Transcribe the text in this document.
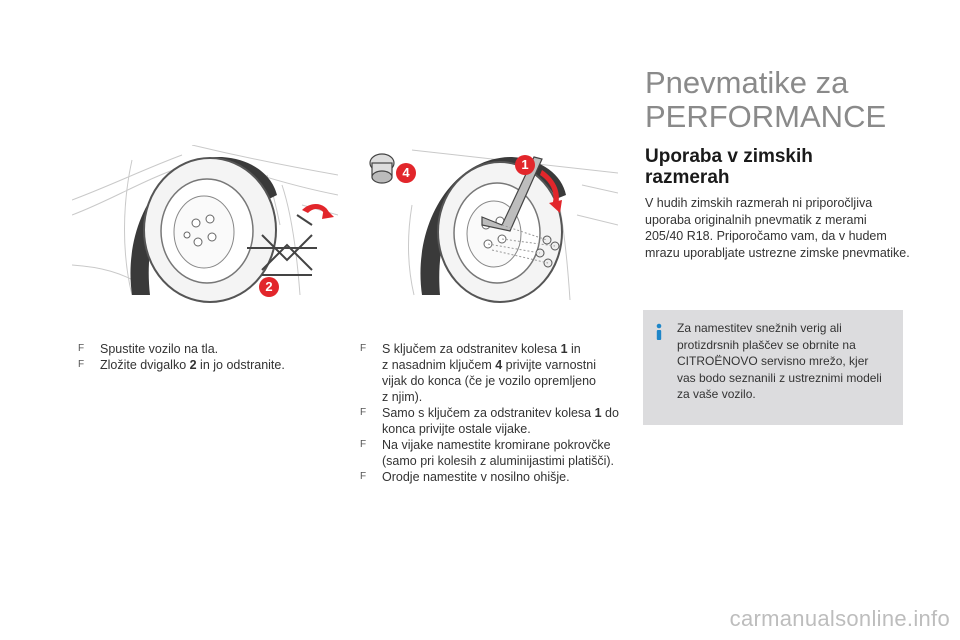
Pnevmatike za
PERFORMANCE
Uporaba v zimskih
razmerah
V hudih zimskih razmerah ni priporočljiva
uporaba originalnih pnevmatik z merami
205/40 R18. Priporočamo vam, da v hudem
mrazu uporabljate ustrezne zimske pnevmatike.
Za namestitev snežnih verig ali
protizdrsnih plaščev se obrnite na
CITROËNOVO servisno mrežo, kjer
vas bodo seznanili z ustreznimi modeli
za vaše vozilo.
2
1
4
F Spustite vozilo na tla.
F Zložite dvigalko 2 in jo odstranite.
F S ključem za odstranitev kolesa 1 in
z nasadnim ključem 4 privijte varnostni
vijak do konca (če je vozilo opremljeno
z njim).
F Samo s ključem za odstranitev kolesa 1 do
konca privijte ostale vijake.
F Na vijake namestite kromirane pokrovčke
(samo pri kolesih z aluminijastimi platišči).
F Orodje namestite v nosilno ohišje.
carmanualsonline.info
